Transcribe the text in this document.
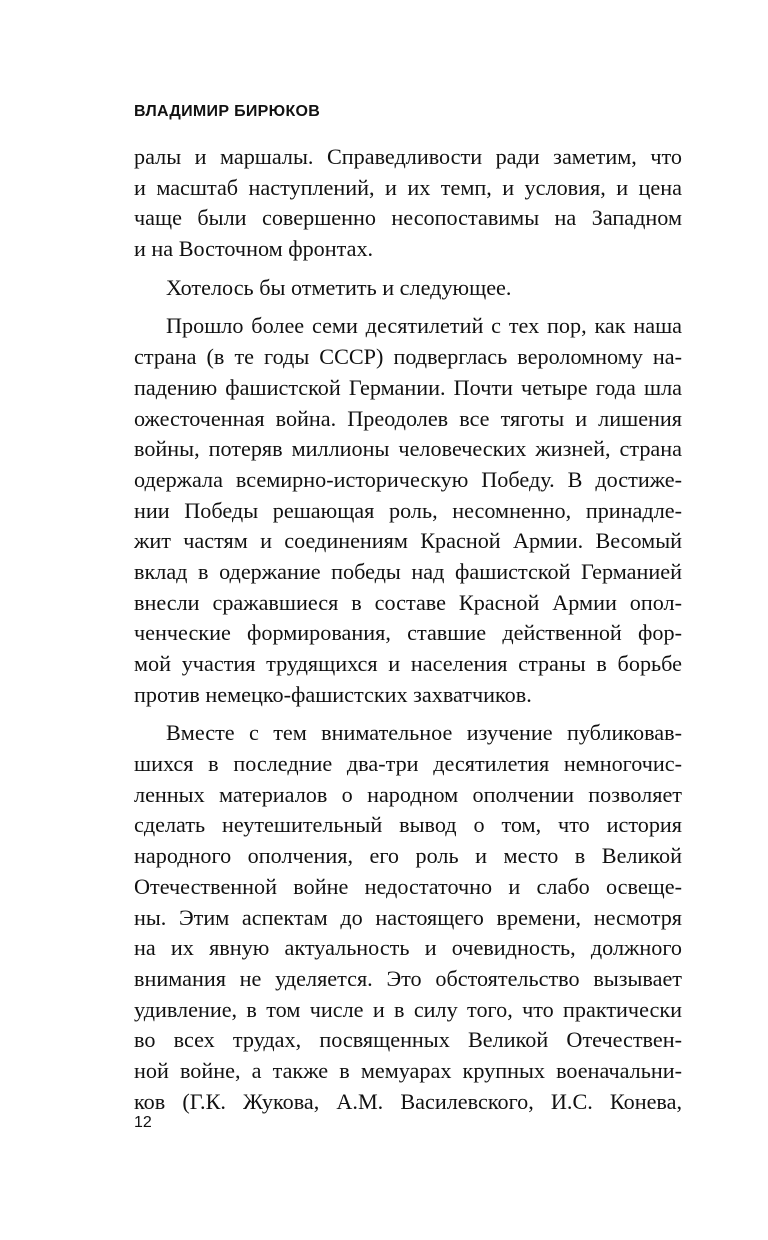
ВЛАДИМИР БИРЮКОВ
ралы и маршалы. Справедливости ради заметим, что
и масштаб наступлений, и их темп, и условия, и цена
чаще были совершенно несопоставимы на Западном
и на Восточном фронтах.
Хотелось бы отметить и следующее.
Прошло более семи десятилетий с тех пор, как наша
страна (в те годы СССР) подверглась вероломному на-
падению фашистской Германии. Почти четыре года шла
ожесточенная война. Преодолев все тяготы и лишения
войны, потеряв миллионы человеческих жизней, страна
одержала всемирно-историческую Победу. В достиже-
нии Победы решающая роль, несомненно, принадле-
жит частям и соединениям Красной Армии. Весомый
вклад в одержание победы над фашистской Германией
внесли сражавшиеся в составе Красной Армии опол-
ченческие формирования, ставшие действенной фор-
мой участия трудящихся и населения страны в борьбе
против немецко-фашистских захватчиков.
Вместе с тем внимательное изучение публиковав-
шихся в последние два-три десятилетия немногочис-
ленных материалов о народном ополчении позволяет
сделать неутешительный вывод о том, что история
народного ополчения, его роль и место в Великой
Отечественной войне недостаточно и слабо освеще-
ны. Этим аспектам до настоящего времени, несмотря
на их явную актуальность и очевидность, должного
внимания не уделяется. Это обстоятельство вызывает
удивление, в том числе и в силу того, что практически
во всех трудах, посвященных Великой Отечествен-
ной войне, а также в мемуарах крупных военачальни-
ков (Г.К. Жукова, А.М. Василевского, И.С. Конева,
12
